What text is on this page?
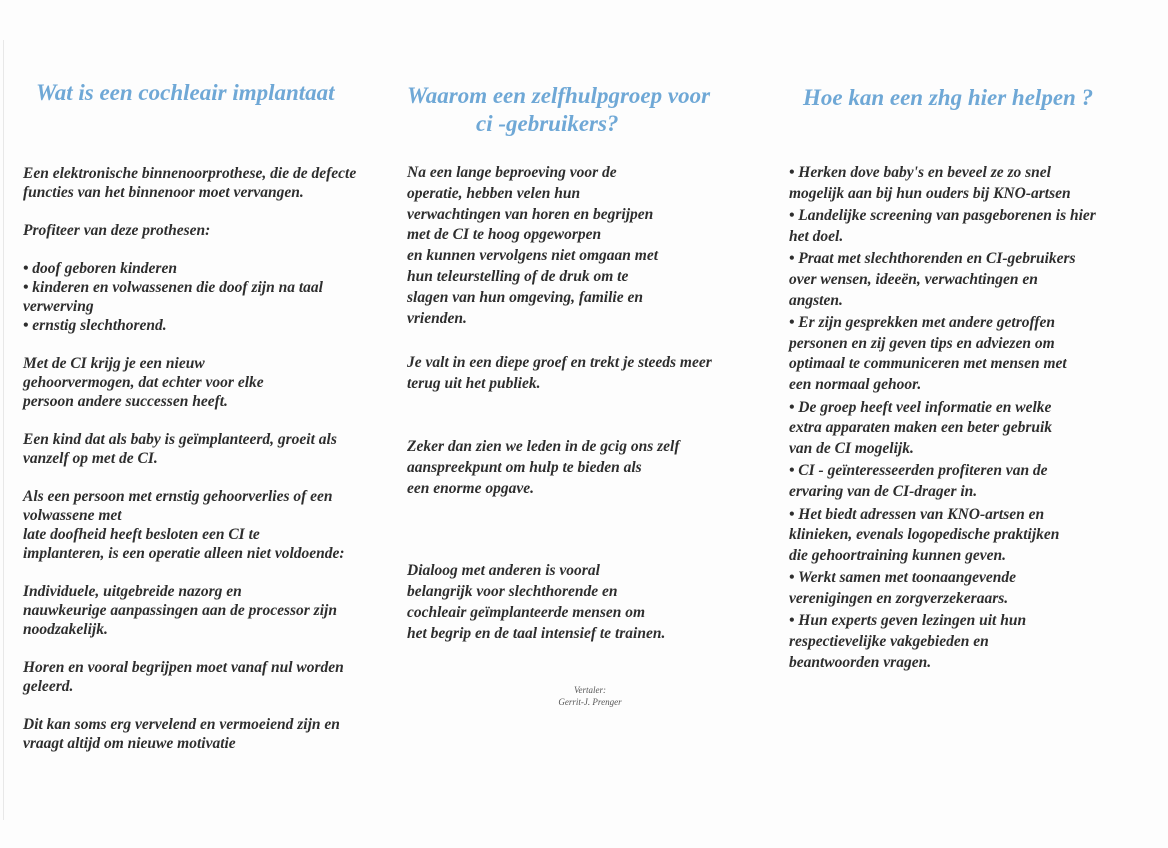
Wat is een cochleair implantaat

Een elektronische binnenoorprothese, die de defecte
functies van het binnenoor moet vervangen.

Profiteer van deze prothesen:

• doof geboren kinderen
• kinderen en volwassenen die doof zijn na taal
verwerving
• ernstig slechthorend.

Met de CI krijg je een nieuw
gehoorvermogen, dat echter voor elke
persoon andere successen heeft.

Een kind dat als baby is geïmplanteerd, groeit als
vanzelf op met de CI.

Als een persoon met ernstig gehoorverlies of een
volwassene met
late doofheid heeft besloten een CI te
implanteren, is een operatie alleen niet voldoende:

Individuele, uitgebreide nazorg en
nauwkeurige aanpassingen aan de processor zijn
noodzakelijk.

Horen en vooral begrijpen moet vanaf nul worden
geleerd.

Dit kan soms erg vervelend en vermoeiend zijn en
vraagt altijd om nieuwe motivatie

Waarom een zelfhulpgroep voor
ci -gebruikers?

Na een lange beproeving voor de
operatie, hebben velen hun
verwachtingen van horen en begrijpen
met de CI te hoog opgeworpen
en kunnen vervolgens niet omgaan met
hun teleurstelling of de druk om te
slagen van hun omgeving, familie en
vrienden.

Je valt in een diepe groef en trekt je steeds meer
terug uit het publiek.

Zeker dan zien we leden in de gcig ons zelf
aanspreekpunt om hulp te bieden als
een enorme opgave.

Dialoog met anderen is vooral
belangrijk voor slechthorende en
cochleair geïmplanteerde mensen om
het begrip en de taal intensief te trainen.

Vertaler:
Gerrit-J. Prenger
Hoe kan een zhg hier helpen ?
• Herken dove baby's en beveel ze zo snel
mogelijk aan bij hun ouders bij KNO-artsen
• Landelijke screening van pasgeborenen is hier
het doel.
• Praat met slechthorenden en CI-gebruikers
over wensen, ideeën, verwachtingen en
angsten.
• Er zijn gesprekken met andere getroffen
personen en zij geven tips en adviezen om
optimaal te communiceren met mensen met
een normaal gehoor.
• De groep heeft veel informatie en welke
extra apparaten maken een beter gebruik
van de CI mogelijk.
• CI - geïnteresseerden profiteren van de
ervaring van de CI-drager in.
• Het biedt adressen van KNO-artsen en
klinieken, evenals logopedische praktijken
die gehoortraining kunnen geven.
• Werkt samen met toonaangevende
verenigingen en zorgverzekeraars.
• Hun experts geven lezingen uit hun
respectievelijke vakgebieden en
beantwoorden vragen.
